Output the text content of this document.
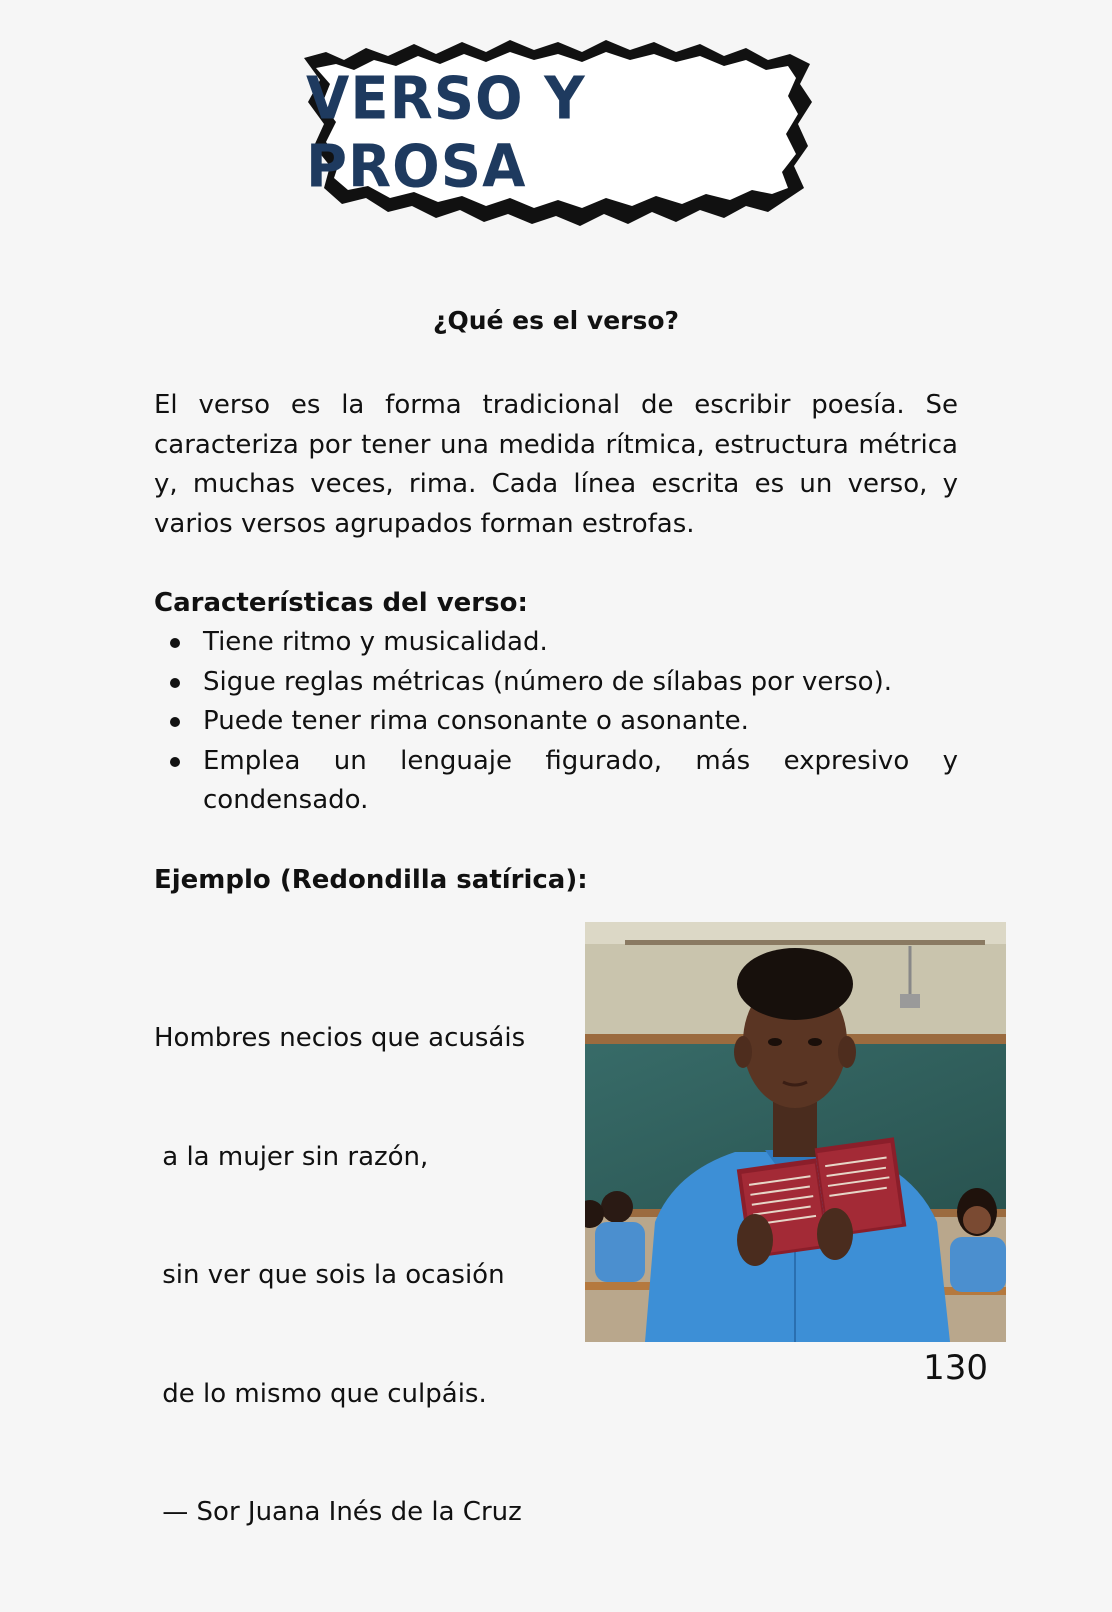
VERSO Y PROSA
¿Qué es el verso?
El verso es la forma tradicional de escribir poesía. Se caracteriza por tener una medida rítmica, estructura métrica y, muchas veces, rima. Cada línea escrita es un verso, y varios versos agrupados forman estrofas.
Características del verso:
Tiene ritmo y musicalidad.
Sigue reglas métricas (número de sílabas por verso).
Puede tener rima consonante o asonante.
Emplea un lenguaje figurado, más expresivo y condensado.
Ejemplo (Redondilla satírica):

Hombres necios que acusáis

a la mujer sin razón,

sin ver que sois la ocasión

de lo mismo que culpáis.

— Sor Juana Inés de la Cruz

130
